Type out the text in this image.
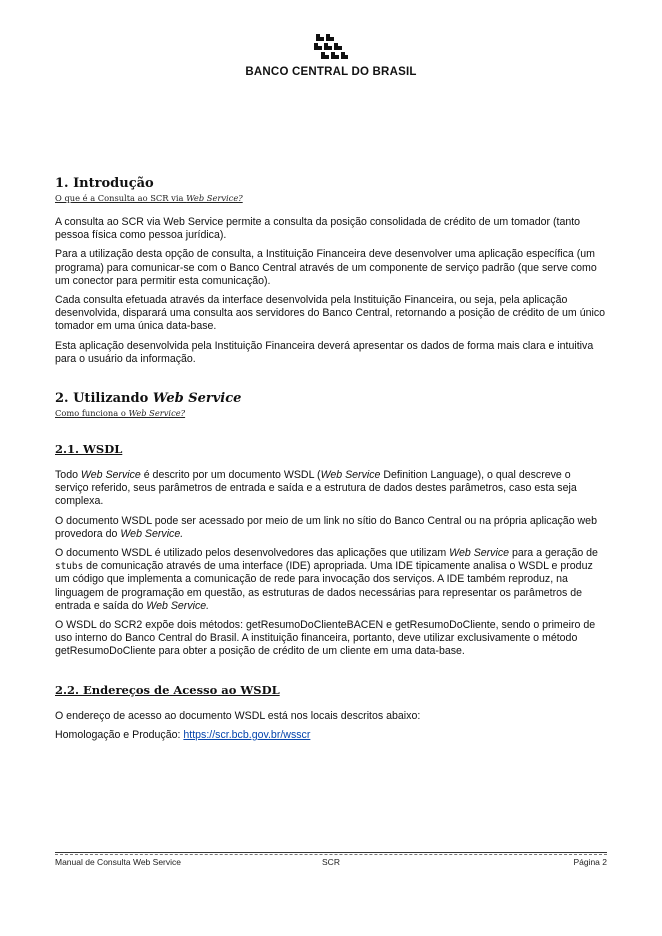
BANCO CENTRAL DO BRASIL
1. Introdução
O que é a Consulta ao SCR via Web Service?

A consulta ao SCR via Web Service permite a consulta da posição consolidada de crédito de um tomador (tanto pessoa física como pessoa jurídica).

Para a utilização desta opção de consulta, a Instituição Financeira deve desenvolver uma aplicação específica (um programa) para comunicar-se com o Banco Central através de um componente de serviço padrão (que serve como um conector para permitir esta comunicação).

Cada consulta efetuada através da interface desenvolvida pela Instituição Financeira, ou seja, pela aplicação desenvolvida, disparará uma consulta aos servidores do Banco Central, retornando a posição de crédito de um único tomador em uma única data-base.

Esta aplicação desenvolvida pela Instituição Financeira deverá apresentar os dados de forma mais clara e intuitiva para o usuário da informação.

2. Utilizando Web Service
Como funciona o Web Service?
2.1. WSDL

Todo Web Service é descrito por um documento WSDL (Web Service Definition Language), o qual descreve o serviço referido, seus parâmetros de entrada e saída e a estrutura de dados destes parâmetros, caso esta seja complexa.

O documento WSDL pode ser acessado por meio de um link no sítio do Banco Central ou na própria aplicação web provedora do Web Service.

O documento WSDL é utilizado pelos desenvolvedores das aplicações que utilizam Web Service para a geração de stubs de comunicação através de uma interface (IDE) apropriada. Uma IDE tipicamente analisa o WSDL e produz um código que implementa a comunicação de rede para invocação dos serviços. A IDE também reproduz, na linguagem de programação em questão, as estruturas de dados necessárias para representar os parâmetros de entrada e saída do Web Service.

O WSDL do SCR2 expõe dois métodos: getResumoDoClienteBACEN e getResumoDoCliente, sendo o primeiro de uso interno do Banco Central do Brasil. A instituição financeira, portanto, deve utilizar exclusivamente o método getResumoDoCliente para obter a posição de crédito de um cliente em uma data-base.

2.2. Endereços de Acesso ao WSDL

O endereço de acesso ao documento WSDL está nos locais descritos abaixo:

Homologação e Produção: https://scr.bcb.gov.br/wsscr

Manual de Consulta Web Service	SCR	Página 2
